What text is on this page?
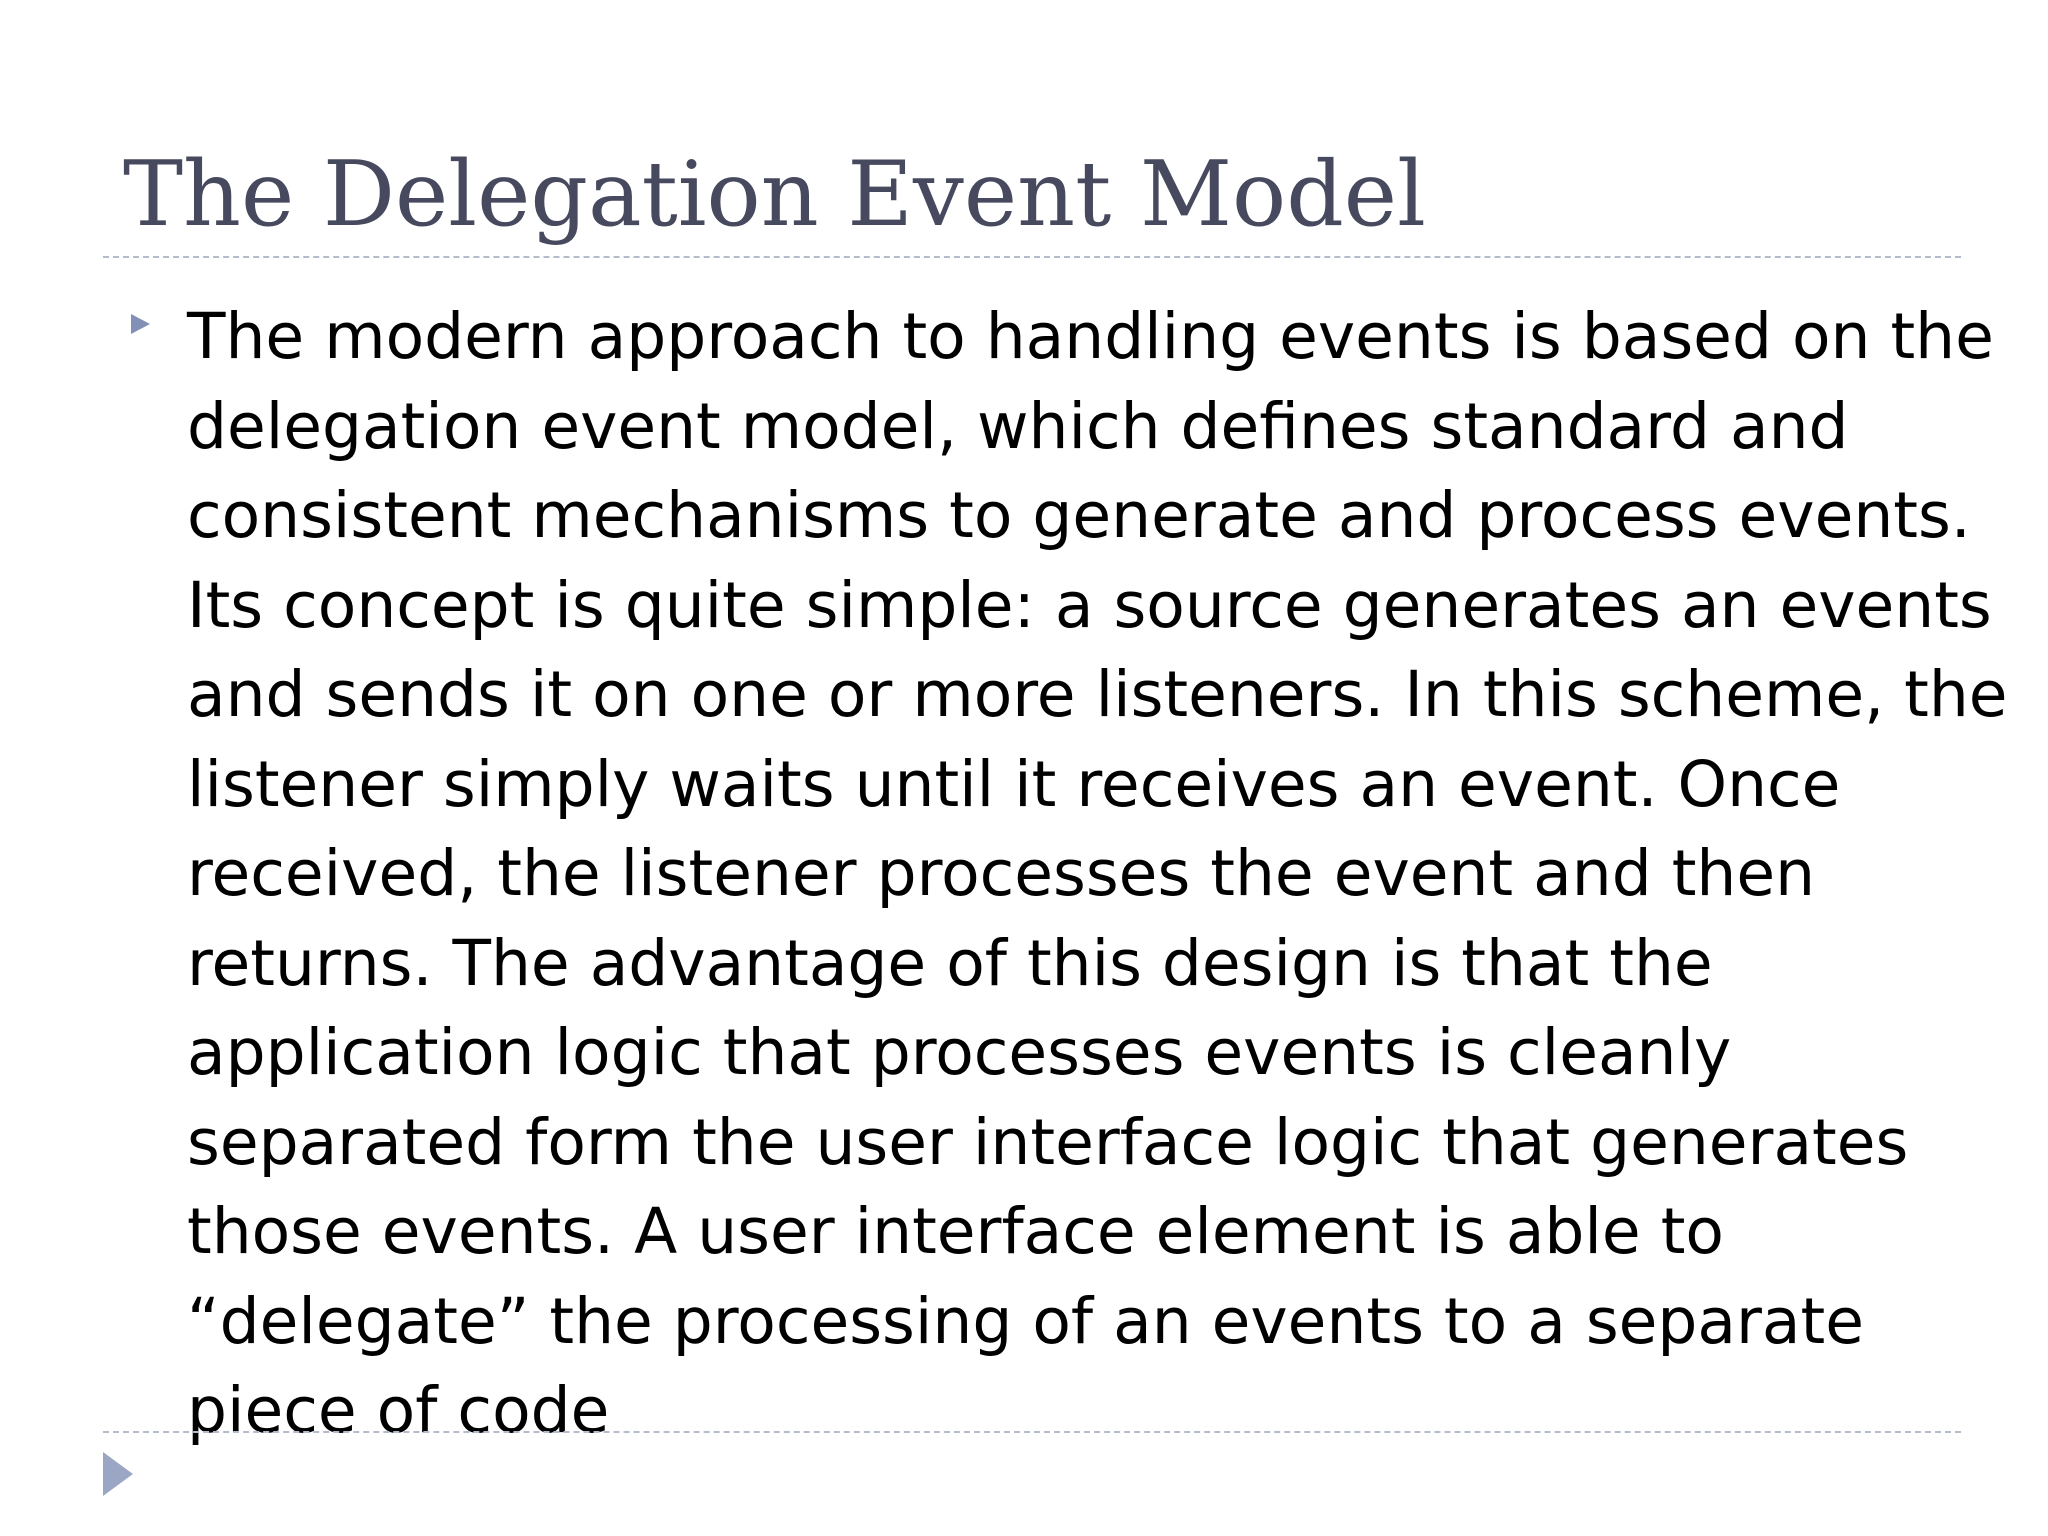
The Delegation Event Model

The modern approach to handling events is based on the
delegation event model, which defines standard and
consistent mechanisms to generate and process events.
Its concept is quite simple: a source generates an events
and sends it on one or more listeners. In this scheme, the
listener simply waits until it receives an event. Once
received, the listener processes the event and then
returns. The advantage of this design is that the
application logic that processes events is cleanly
separated form the user interface logic that generates
those events. A user interface element is able to
“delegate” the processing of an events to a separate
piece of code
